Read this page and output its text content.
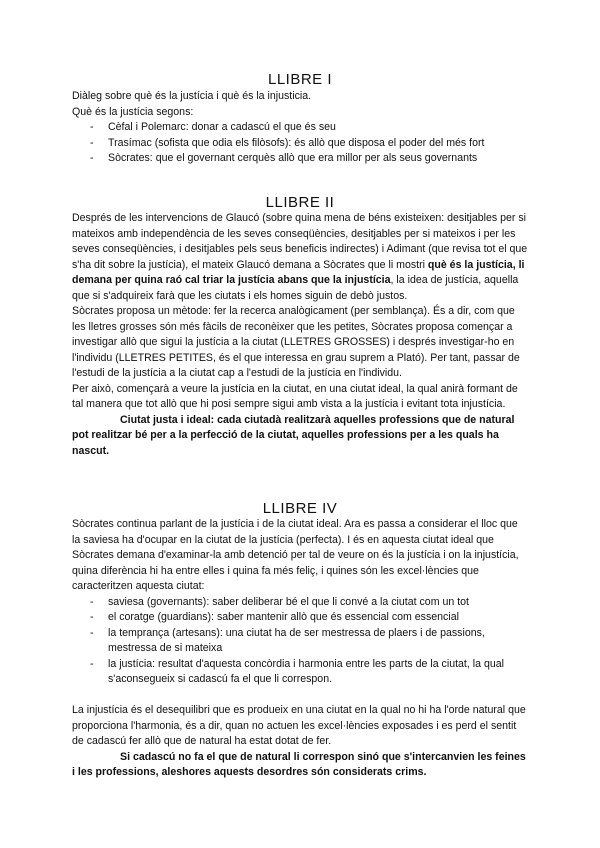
LLIBRE I

Diàleg sobre què és la justícia i què és la injusticia.

Què és la justícia segons:

- Cèfal i Polemarc: donar a cadascú el que és seu
- Trasímac (sofista que odia els filòsofs): és allò que disposa el poder del més fort
- Sòcrates: que el governant cerquès allò que era millor per als seus governants
LLIBRE II

Després de les intervencions de Glaucó (sobre quina mena de béns existeixen: desitjables per si mateixos amb independència de les seves conseqüències, desitjables per si mateixos i per les seves conseqüències, i desitjables pels seus beneficis indirectes) i Adimant (que revisa tot el que s'ha dit sobre la justícia), el mateix Glaucó demana a Sòcrates que li mostri què és la justícia, li demana per quina raó cal triar la justícia abans que la injustícia, la idea de justícia, aquella que si s'adquireix farà que les ciutats i els homes siguin de debò justos.

Sòcrates proposa un mètode: fer la recerca analògicament (per semblança). És a dir, com que les lletres grosses són més fàcils de reconèixer que les petites, Sòcrates proposa començar a investigar allò que sigui la justícia a la ciutat (LLETRES GROSSES) i després investigar-ho en l'individu (LLETRES PETITES, és el que interessa en grau suprem a Plató). Per tant, passar de l'estudi de la justícia a la ciutat cap a l'estudi de la justícia en l'individu.

Per això, començarà a veure la justícia en la ciutat, en una ciutat ideal, la qual anirà formant de tal manera que tot allò que hi posi sempre sigui amb vista a la justícia i evitant tota injustícia.

Ciutat justa i ideal: cada ciutadà realitzarà aquelles professions que de natural pot realitzar bé per a la perfecció de la ciutat, aquelles professions per a les quals ha nascut.

LLIBRE IV

Sòcrates continua parlant de la justícia i de la ciutat ideal. Ara es passa a considerar el lloc que la saviesa ha d'ocupar en la ciutat de la justícia (perfecta). I és en aquesta ciutat ideal que Sòcrates demana d'examinar-la amb detenció per tal de veure on és la justícia i on la injustícia, quina diferència hi ha entre elles i quina fa més feliç, i quines són les excel·lències que caracteritzen aquesta ciutat:

- saviesa (governants): saber deliberar bé el que li convé a la ciutat com un tot
- el coratge (guardians): saber mantenir allò que és essencial com essencial
- la temprança (artesans): una ciutat ha de ser mestressa de plaers i de passions, mestressa de si mateixa
- la justícia: resultat d'aquesta concòrdia i harmonia entre les parts de la ciutat, la qual s'aconsegueix si cadascú fa el que li correspon.

La injustícia és el desequilibri que es produeix en una ciutat en la qual no hi ha l'orde natural que proporciona l'harmonia, és a dir, quan no actuen les excel·lències exposades i es perd el sentit de cadascú fer allò que de natural ha estat dotat de fer.

Si cadascú no fa el que de natural li correspon sinó que s'intercanvien les feines i les professions, aleshores aquests desordres són considerats crims.
